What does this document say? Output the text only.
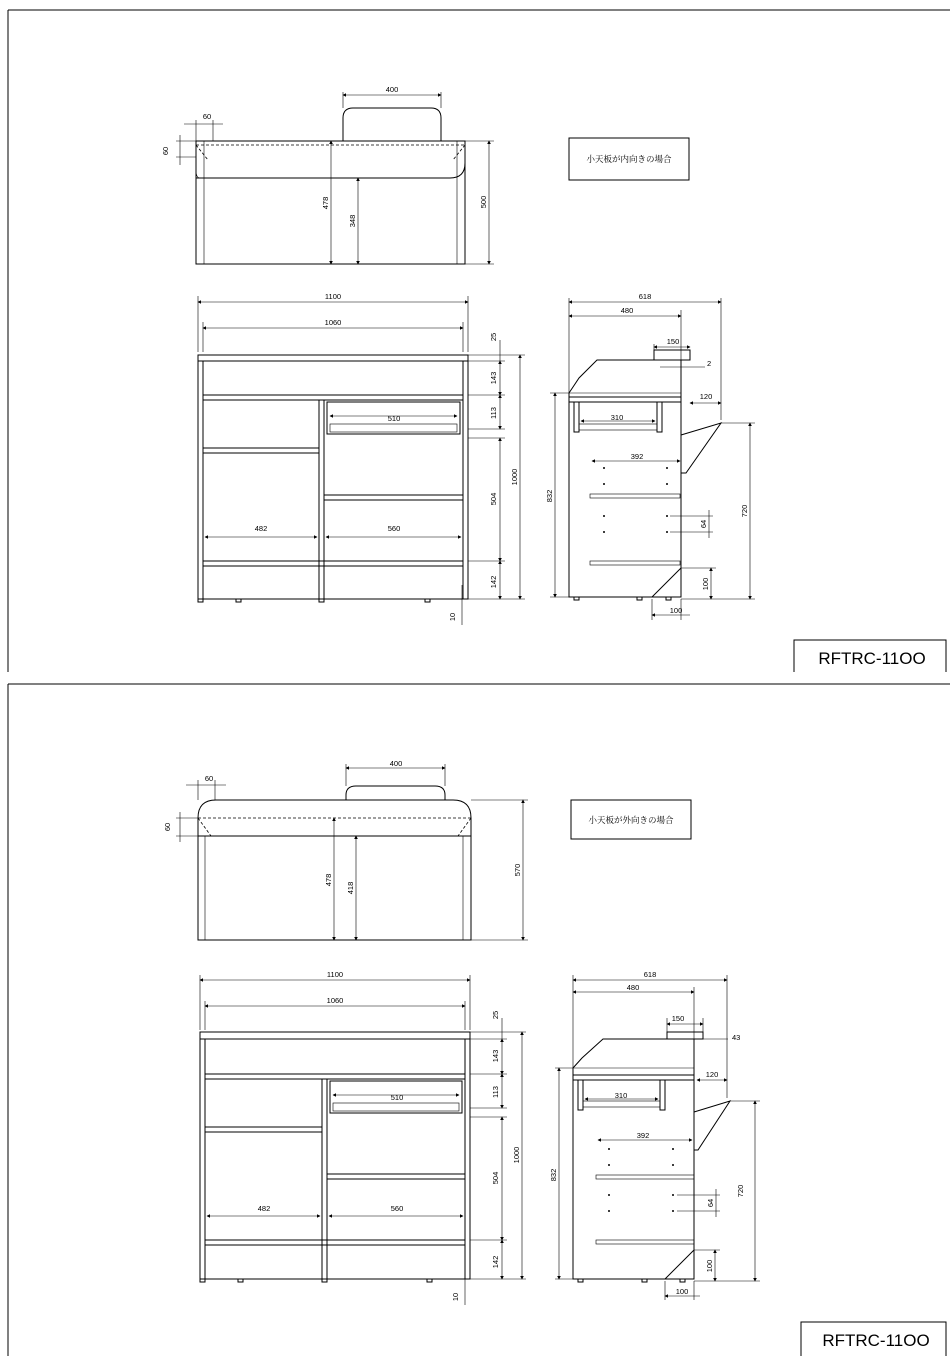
小天板が内向きの場合
RFTRC-11OO
400
60
60
478
348
500
1100
1060
482	560
510
25
143
113
504
142
1000
10
618
480
150
2
120
310
392
832
64
720
100
100
小天板が外向きの場合
RFTRC-11OO
400
60
60
478
418
570
1100
1060
482	560
510
25
143
113
504
142
1000
10
618
480
150
43
120
310
392
832
64
720
100
100
